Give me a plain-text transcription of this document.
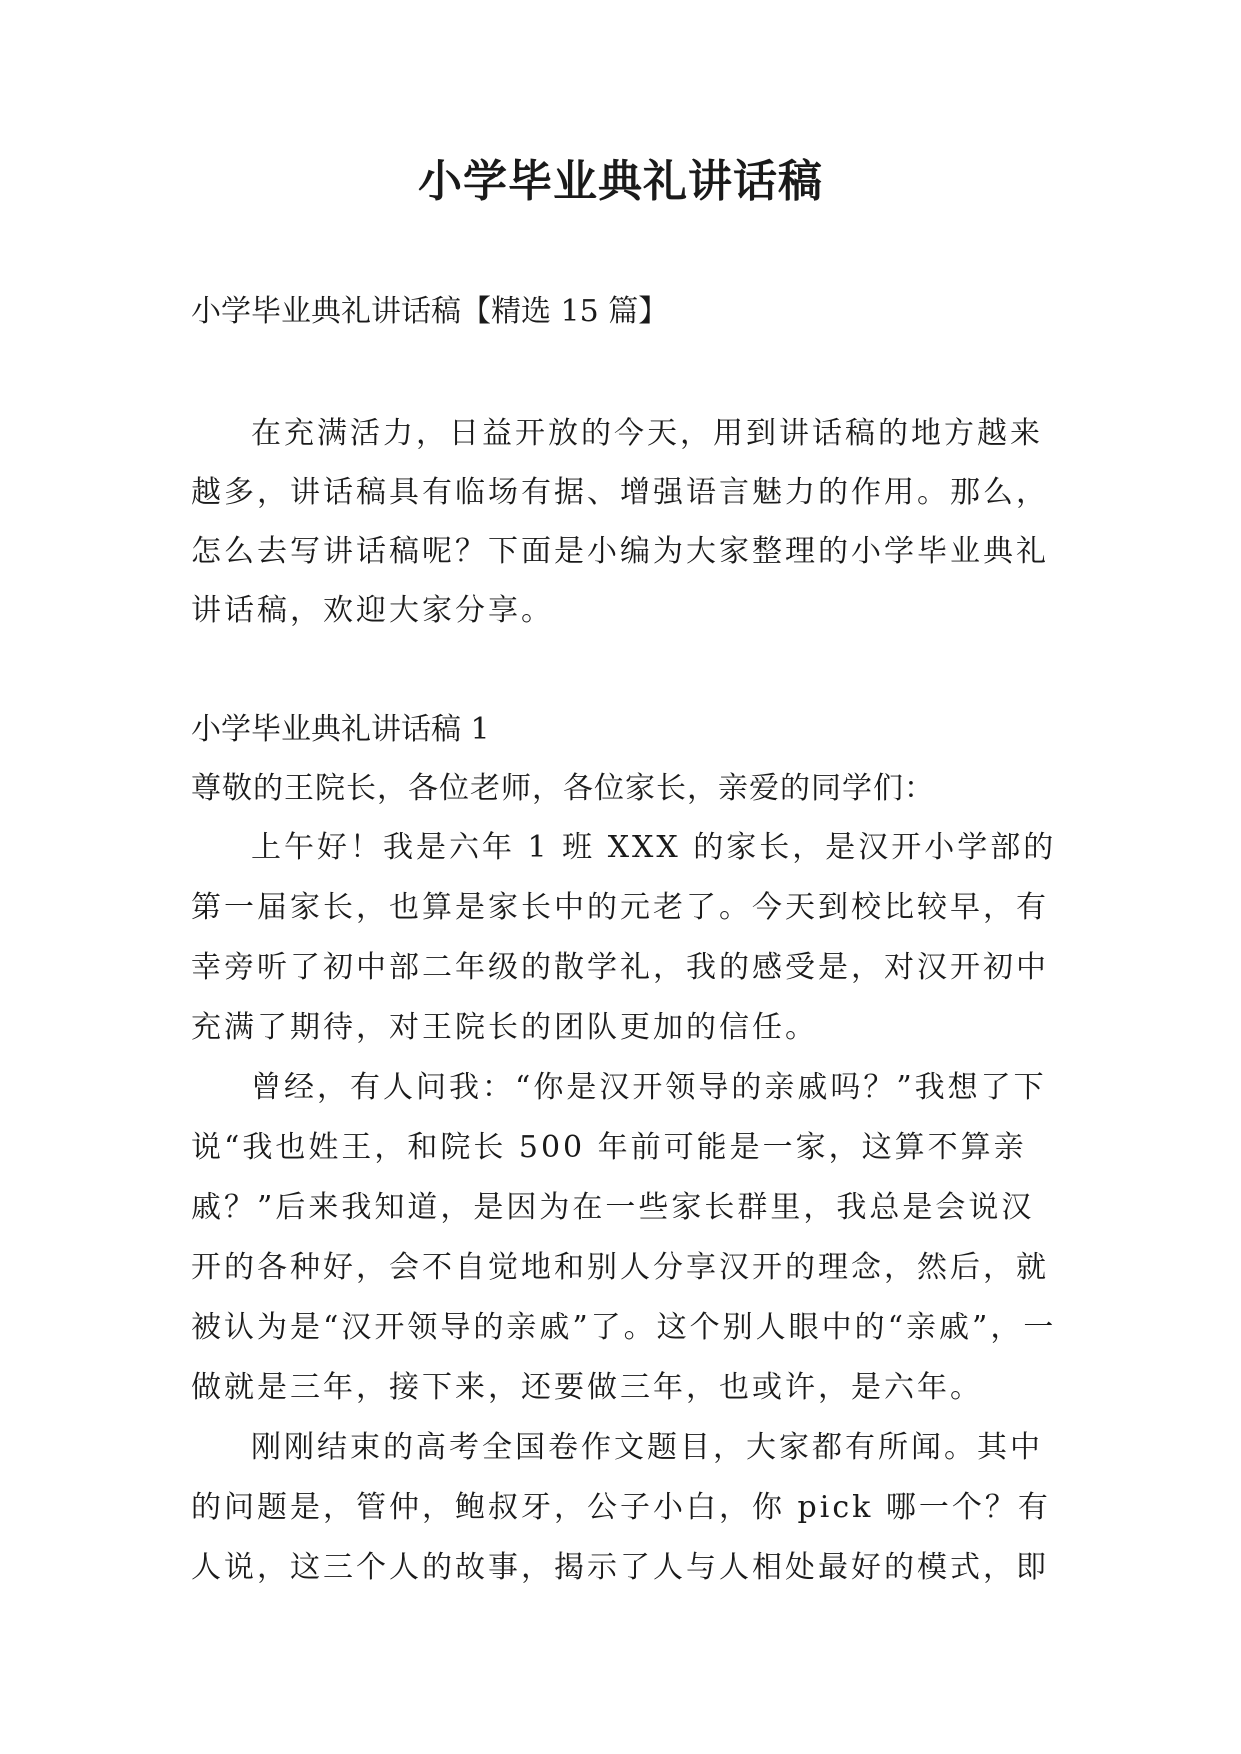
小学毕业典礼讲话稿
小学毕业典礼讲话稿【精选 15 篇】

在充满活力，日益开放的今天，用到讲话稿的地方越来越多，讲话稿具有临场有据、增强语言魅力的作用。那么，怎么去写讲话稿呢？下面是小编为大家整理的小学毕业典礼讲话稿，欢迎大家分享。

小学毕业典礼讲话稿 1

尊敬的王院长，各位老师，各位家长，亲爱的同学们：

上午好！我是六年 1 班 XXX 的家长，是汉开小学部的第一届家长，也算是家长中的元老了。今天到校比较早，有幸旁听了初中部二年级的散学礼，我的感受是，对汉开初中充满了期待，对王院长的团队更加的信任。

曾经，有人问我：“你是汉开领导的亲戚吗？”我想了下说“我也姓王，和院长 500 年前可能是一家，这算不算亲戚？”后来我知道，是因为在一些家长群里，我总是会说汉开的各种好，会不自觉地和别人分享汉开的理念，然后，就被认为是“汉开领导的亲戚”了。这个别人眼中的“亲戚”，一做就是三年，接下来，还要做三年，也或许，是六年。

刚刚结束的高考全国卷作文题目，大家都有所闻。其中的问题是，管仲，鲍叔牙，公子小白，你 pick 哪一个？有人说，这三个人的故事，揭示了人与人相处最好的模式，即
